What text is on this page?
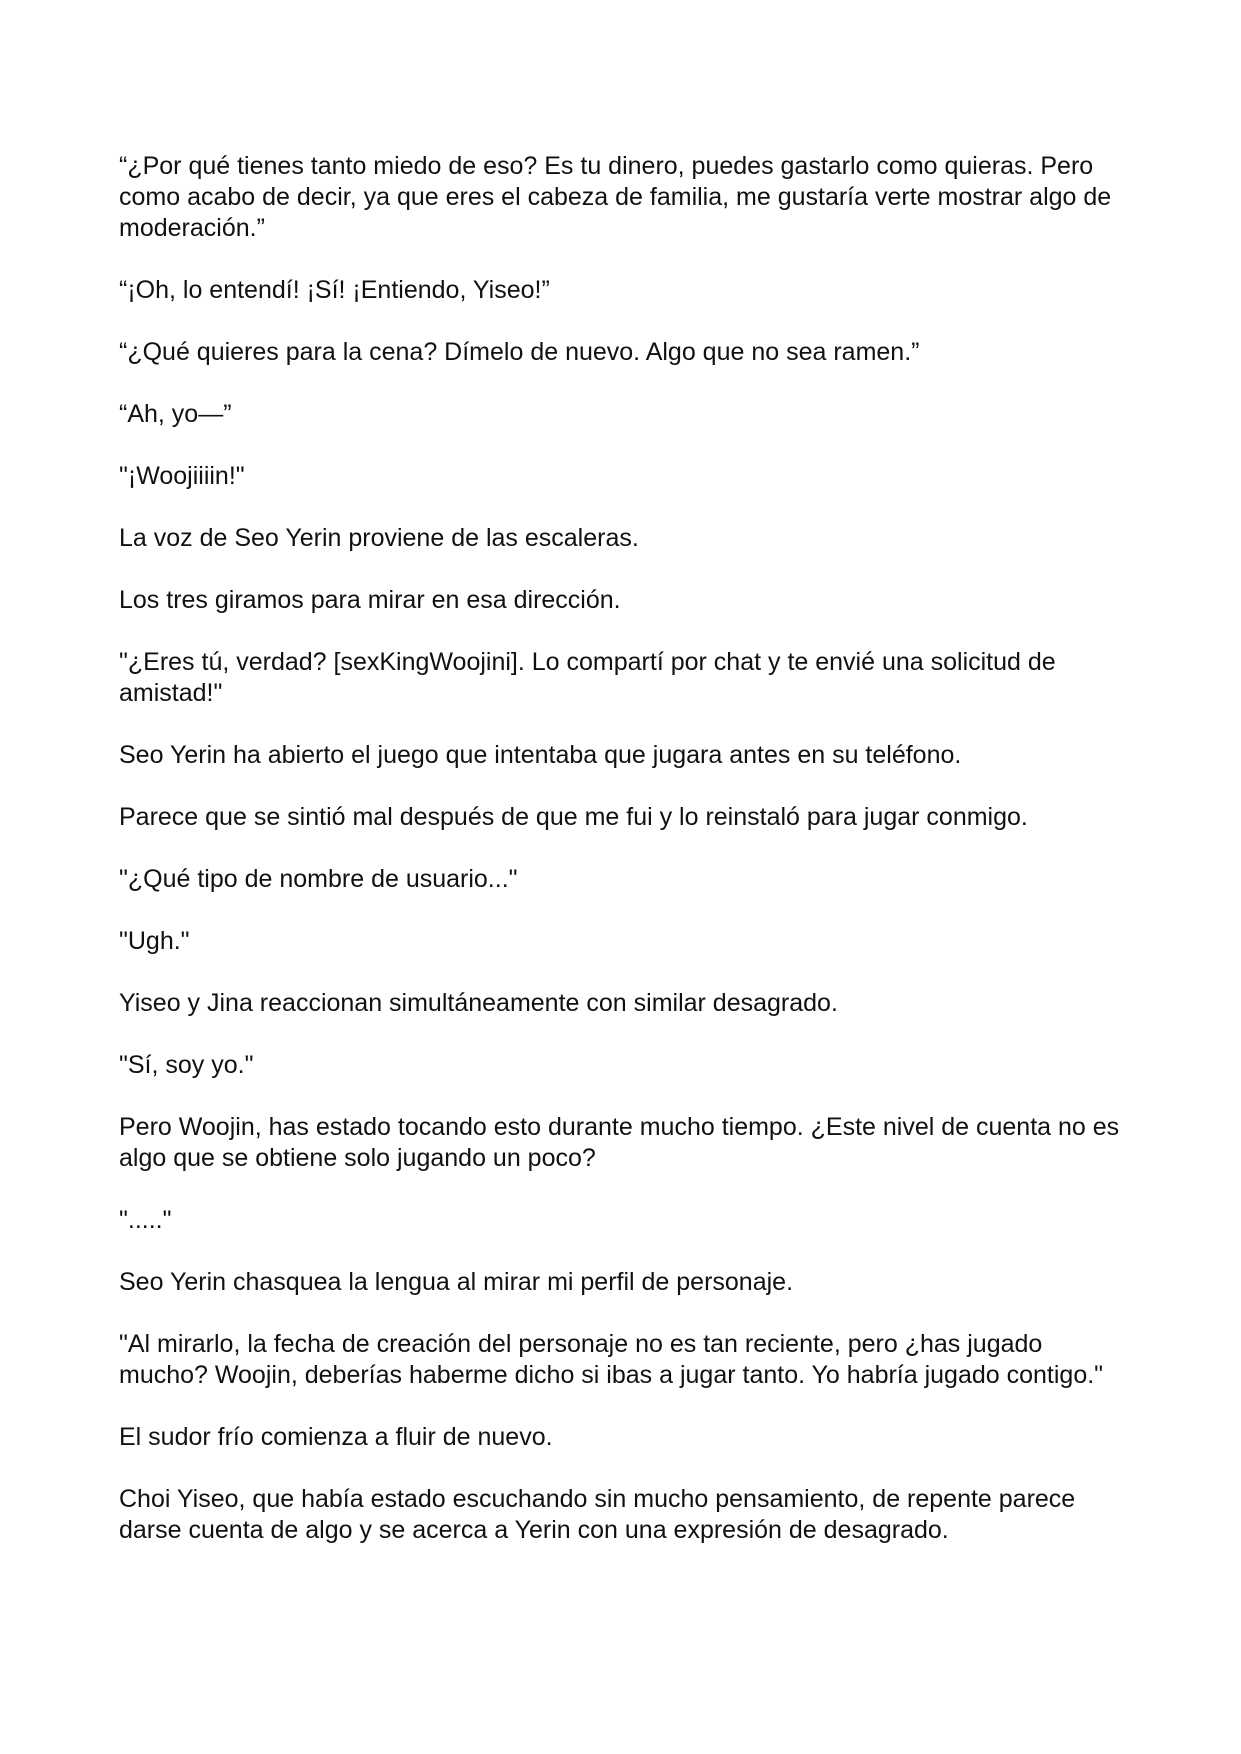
“¿Por qué tienes tanto miedo de eso? Es tu dinero, puedes gastarlo como quieras. Pero como acabo de decir, ya que eres el cabeza de familia, me gustaría verte mostrar algo de moderación.”

“¡Oh, lo entendí! ¡Sí! ¡Entiendo, Yiseo!”

“¿Qué quieres para la cena? Dímelo de nuevo. Algo que no sea ramen.”

“Ah, yo—”

"¡Woojiiiin!"

La voz de Seo Yerin proviene de las escaleras.

Los tres giramos para mirar en esa dirección.

"¿Eres tú, verdad? [sexKingWoojini]. Lo compartí por chat y te envié una solicitud de amistad!"

Seo Yerin ha abierto el juego que intentaba que jugara antes en su teléfono.

Parece que se sintió mal después de que me fui y lo reinstaló para jugar conmigo.

"¿Qué tipo de nombre de usuario..."

"Ugh."

Yiseo y Jina reaccionan simultáneamente con similar desagrado.

"Sí, soy yo."

Pero Woojin, has estado tocando esto durante mucho tiempo. ¿Este nivel de cuenta no es algo que se obtiene solo jugando un poco?

"....."

Seo Yerin chasquea la lengua al mirar mi perfil de personaje.

"Al mirarlo, la fecha de creación del personaje no es tan reciente, pero ¿has jugado mucho? Woojin, deberías haberme dicho si ibas a jugar tanto. Yo habría jugado contigo."

El sudor frío comienza a fluir de nuevo.

Choi Yiseo, que había estado escuchando sin mucho pensamiento, de repente parece darse cuenta de algo y se acerca a Yerin con una expresión de desagrado.
